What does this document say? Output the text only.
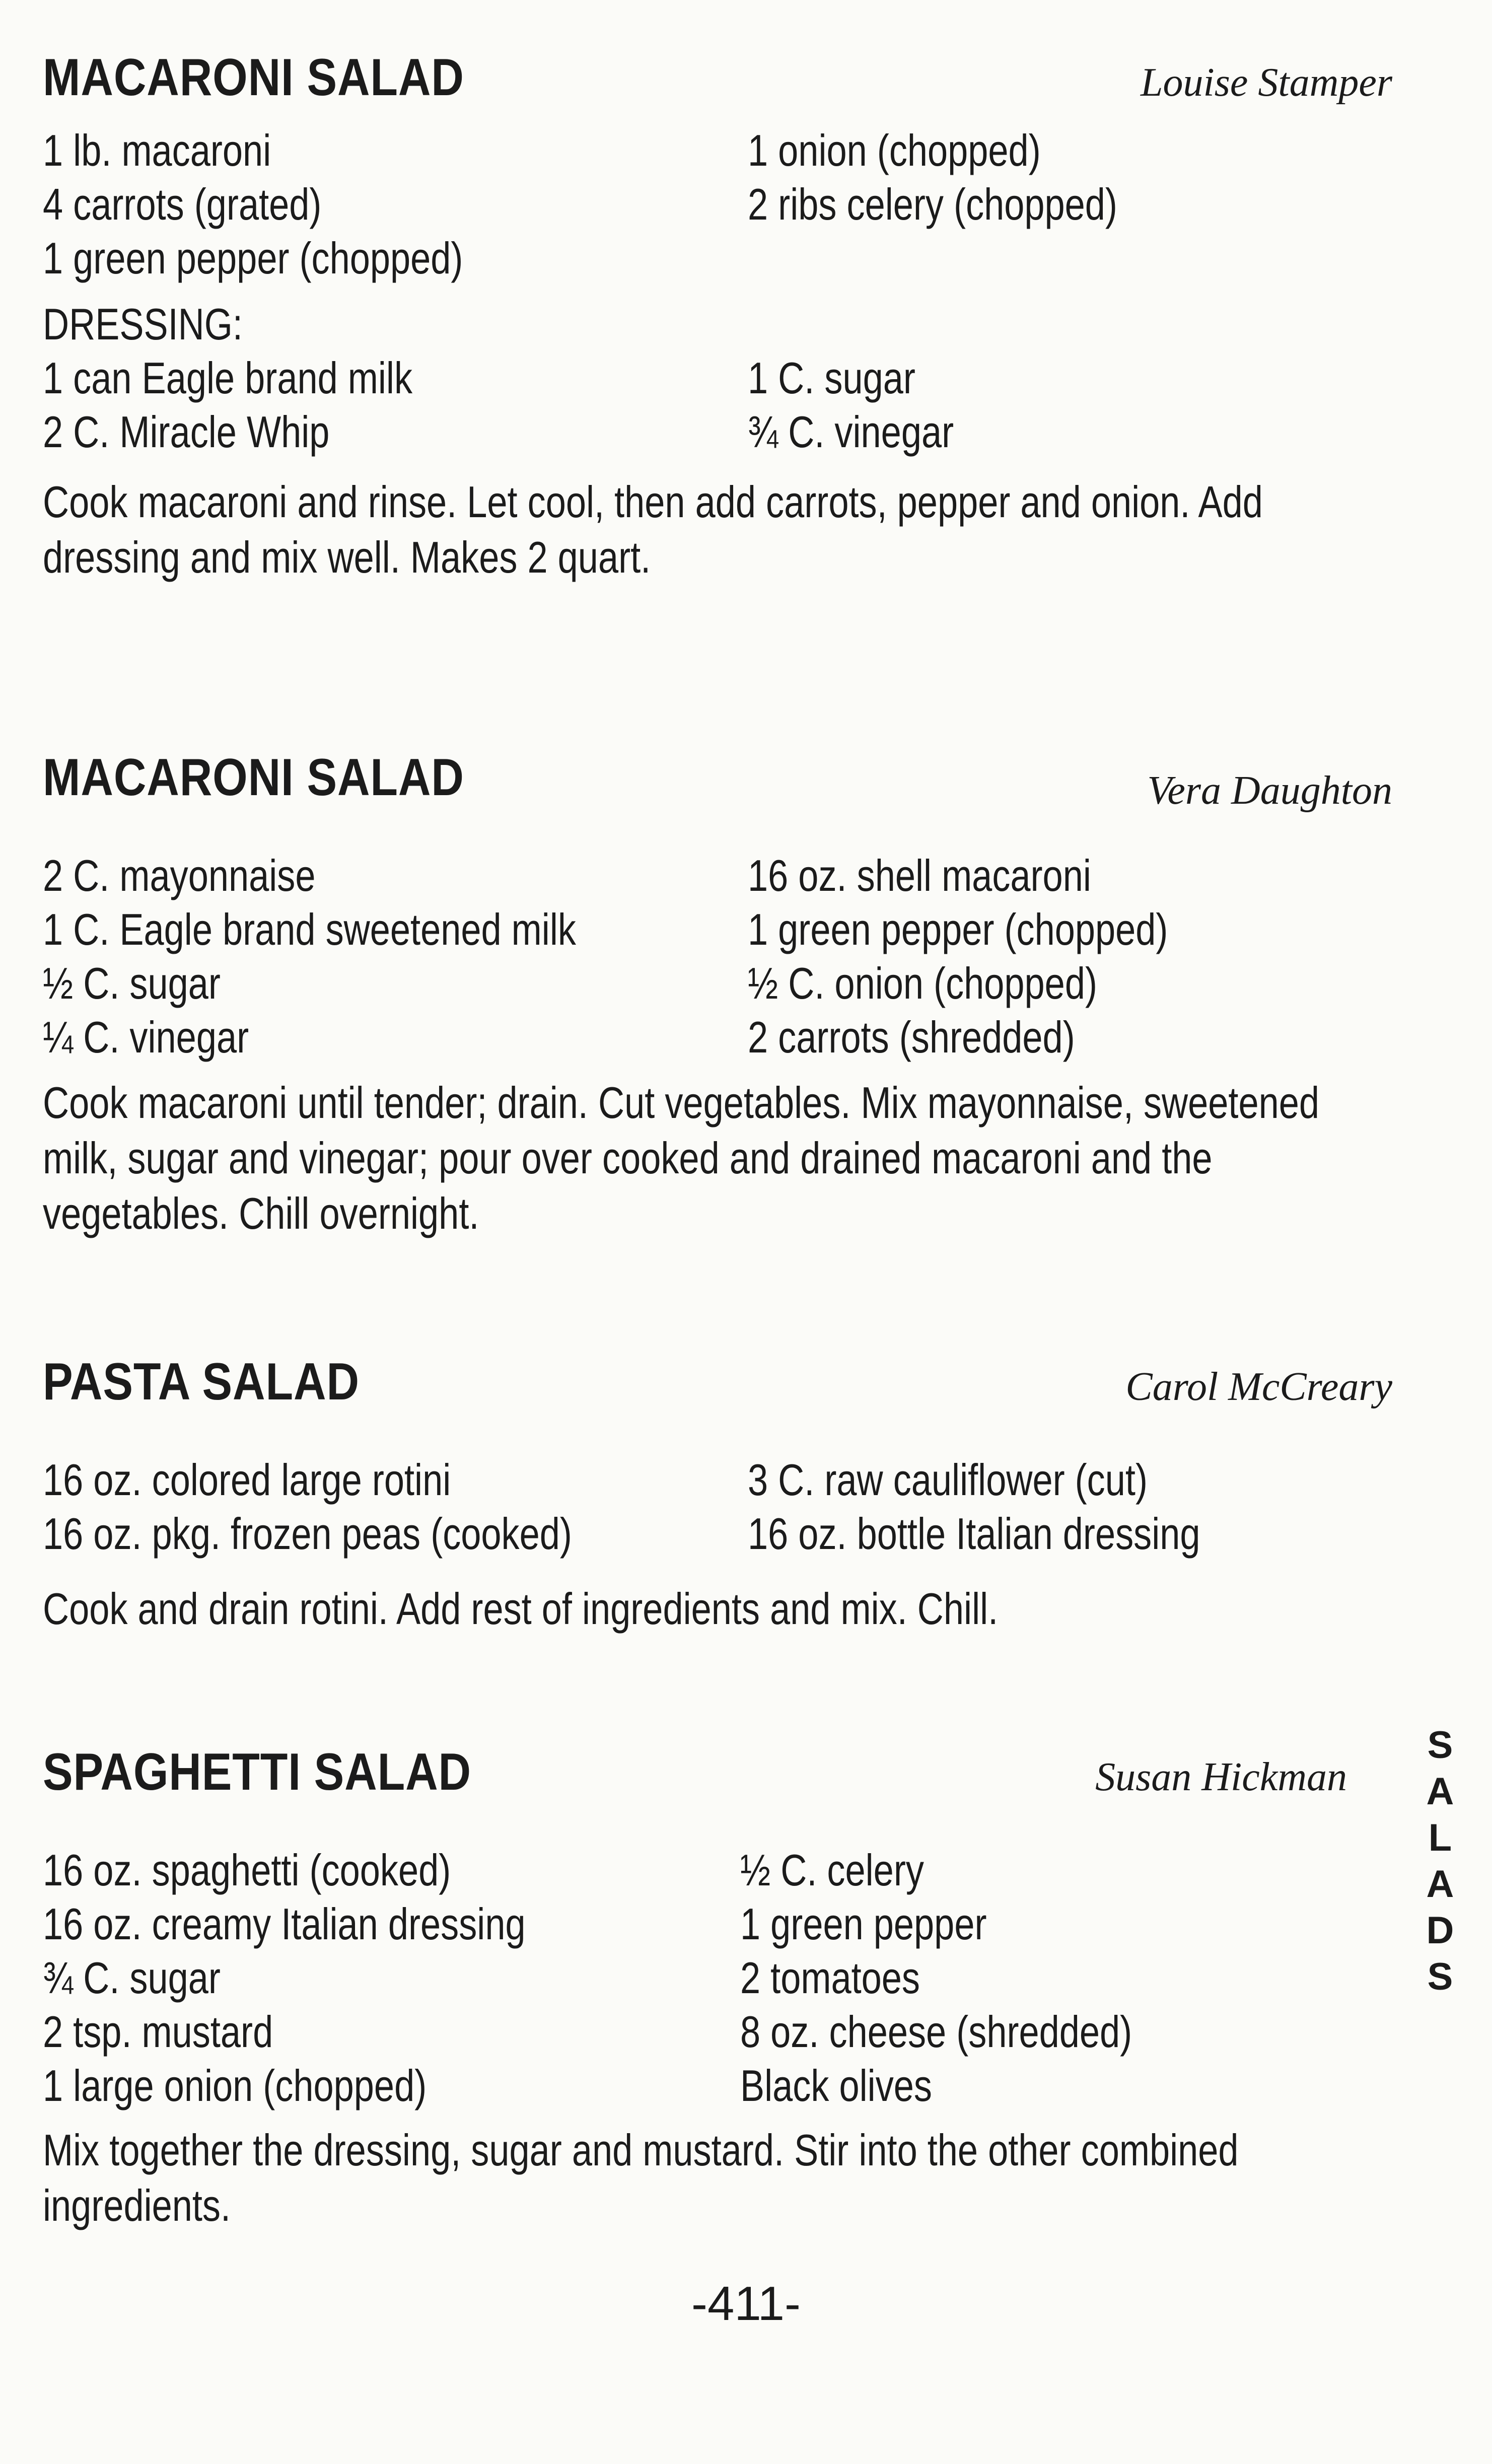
MACARONI SALAD	Louise Stamper
1 lb. macaroni
4 carrots (grated)
1 green pepper (chopped)
1 onion (chopped)
2 ribs celery (chopped)
DRESSING:
1 can Eagle brand milk
2 C. Miracle Whip
1 C. sugar
¾ C. vinegar
Cook macaroni and rinse. Let cool, then add carrots, pepper and onion. Add dressing and mix well. Makes 2 quart.
MACARONI SALAD	Vera Daughton
2 C. mayonnaise
1 C. Eagle brand sweetened milk
½ C. sugar
¼ C. vinegar
16 oz. shell macaroni
1 green pepper (chopped)
½ C. onion (chopped)
2 carrots (shredded)
Cook macaroni until tender; drain. Cut vegetables. Mix mayonnaise, sweetened milk, sugar and vinegar; pour over cooked and drained macaroni and the vegetables. Chill overnight.
PASTA SALAD	Carol McCreary
16 oz. colored large rotini
16 oz. pkg. frozen peas (cooked)
3 C. raw cauliflower (cut)
16 oz. bottle Italian dressing
Cook and drain rotini. Add rest of ingredients and mix. Chill.
SPAGHETTI SALAD	Susan Hickman
16 oz. spaghetti (cooked)
16 oz. creamy Italian dressing
¾ C. sugar
2 tsp. mustard
1 large onion (chopped)
½ C. celery
1 green pepper
2 tomatoes
8 oz. cheese (shredded)
Black olives
Mix together the dressing, sugar and mustard. Stir into the other combined ingredients.
S
A
L
A
D
S
-411-
